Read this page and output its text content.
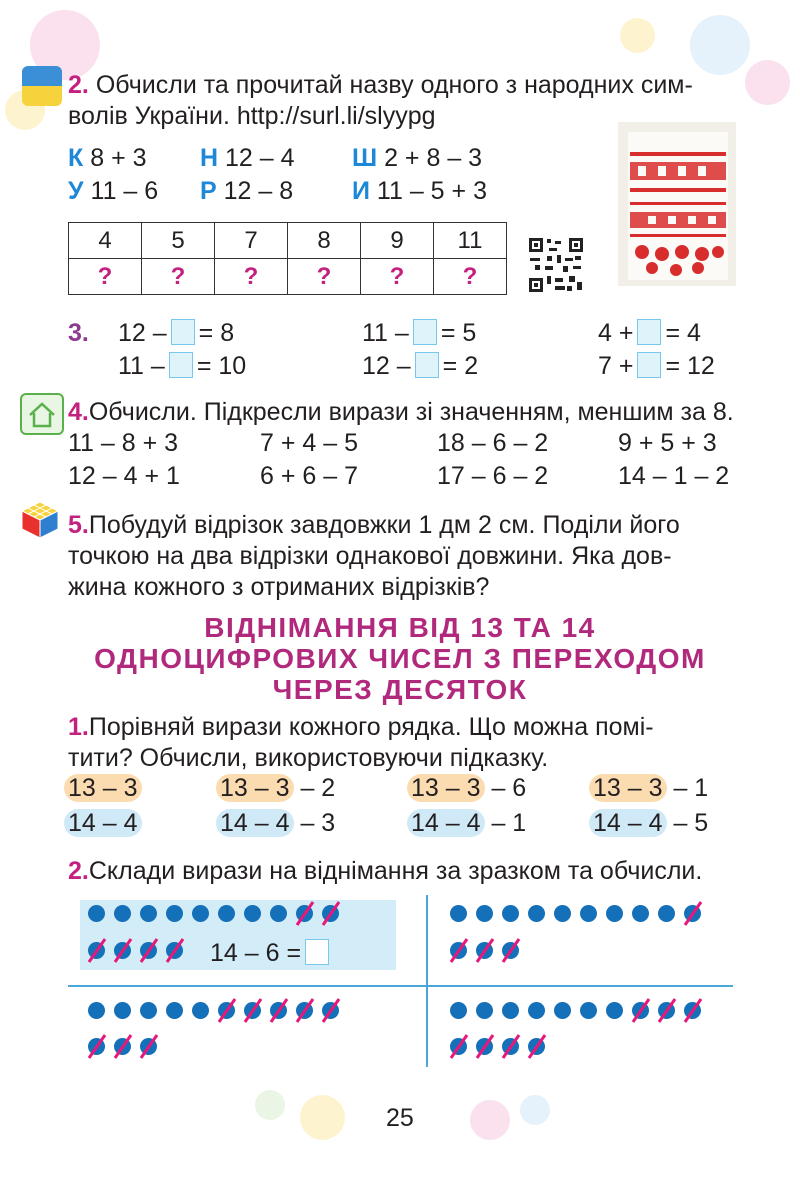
2. Обчисли та прочитай назву одного з народних сим-
волів України. http://surl.li/slyypg
К 8 + 3 Н 12 – 4 Ш 2 + 8 – 3
У 11 – 6 Р 12 – 8 И 11 – 5 + 3
4	5	7	8	9	11
?	?	?	?	?	?
3. 12 – = 8	11 – = 5	4 + = 4
11 – = 10	12 – = 2	7 + = 12
4.Обчисли. Підкресли вирази зі значенням, меншим за 8.
11 – 8 + 3	7 + 4 – 5	18 – 6 – 2	9 + 5 + 3
12 – 4 + 1	6 + 6 – 7	17 – 6 – 2	14 – 1 – 2
5.Побудуй відрізок завдовжки 1 дм 2 см. Поділи його
точкою на два відрізки однакової довжини. Яка дов-
жина кожного з отриманих відрізків?
ВІДНІМАННЯ ВІД 13 ТА 14
ОДНОЦИФРОВИХ ЧИСЕЛ З ПЕРЕХОДОМ
ЧЕРЕЗ ДЕСЯТОК
1.Порівняй вирази кожного рядка. Що можна помі-
тити? Обчисли, використовуючи підказку.
13 – 3	13 – 3 – 2	13 – 3 – 6	13 – 3 – 1
14 – 4	14 – 4 – 3	14 – 4 – 1	14 – 4 – 5
2.Склади вирази на віднімання за зразком та обчисли.
14 – 6 =
25
